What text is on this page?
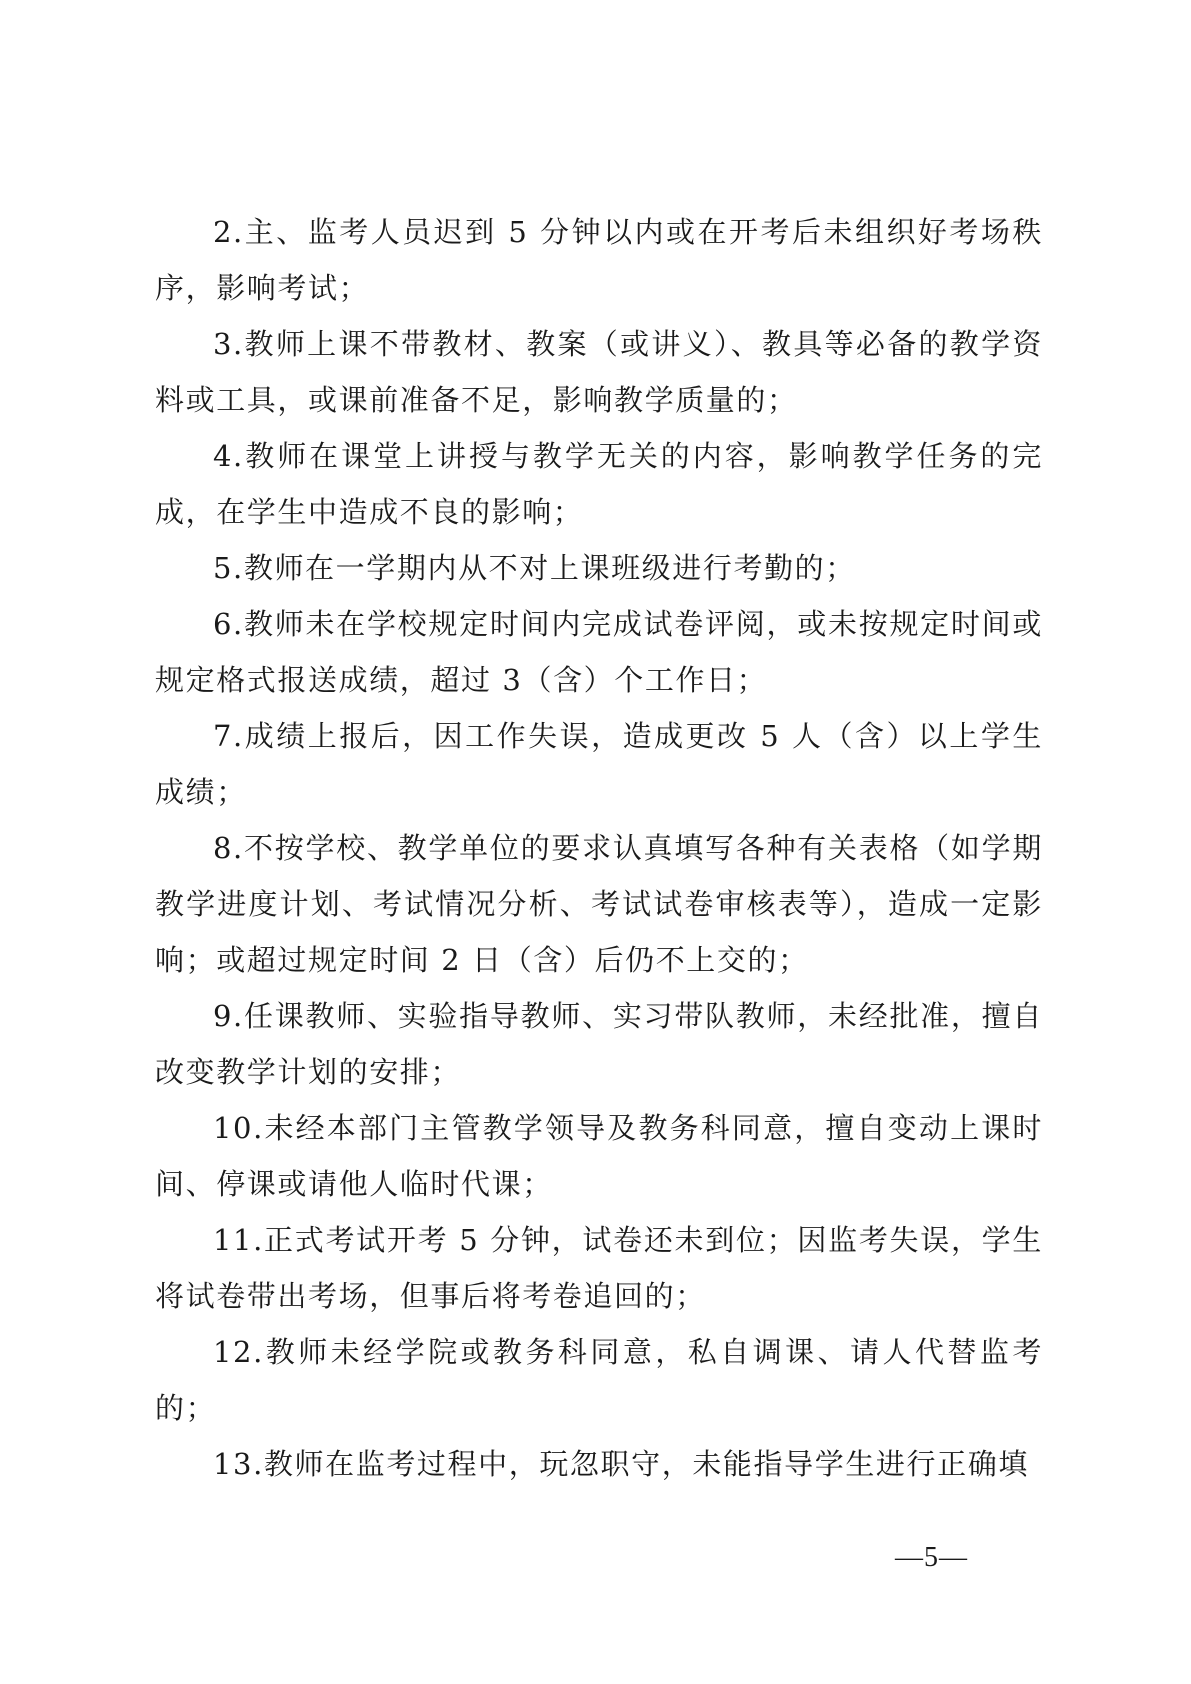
2.主、监考人员迟到 5 分钟以内或在开考后未组织好考场秩序，影响考试；

3.教师上课不带教材、教案（或讲义）、教具等必备的教学资料或工具，或课前准备不足，影响教学质量的；

4.教师在课堂上讲授与教学无关的内容，影响教学任务的完成，在学生中造成不良的影响；

5.教师在一学期内从不对上课班级进行考勤的；

6.教师未在学校规定时间内完成试卷评阅，或未按规定时间或规定格式报送成绩，超过 3（含）个工作日；

7.成绩上报后，因工作失误，造成更改 5 人（含）以上学生成绩；

8.不按学校、教学单位的要求认真填写各种有关表格（如学期教学进度计划、考试情况分析、考试试卷审核表等），造成一定影响；或超过规定时间 2 日（含）后仍不上交的；

9.任课教师、实验指导教师、实习带队教师，未经批准，擅自改变教学计划的安排；

10.未经本部门主管教学领导及教务科同意，擅自变动上课时间、停课或请他人临时代课；

11.正式考试开考 5 分钟，试卷还未到位；因监考失误，学生将试卷带出考场，但事后将考卷追回的；

12.教师未经学院或教务科同意，私自调课、请人代替监考的；

13.教师在监考过程中，玩忽职守，未能指导学生进行正确填

—5—
